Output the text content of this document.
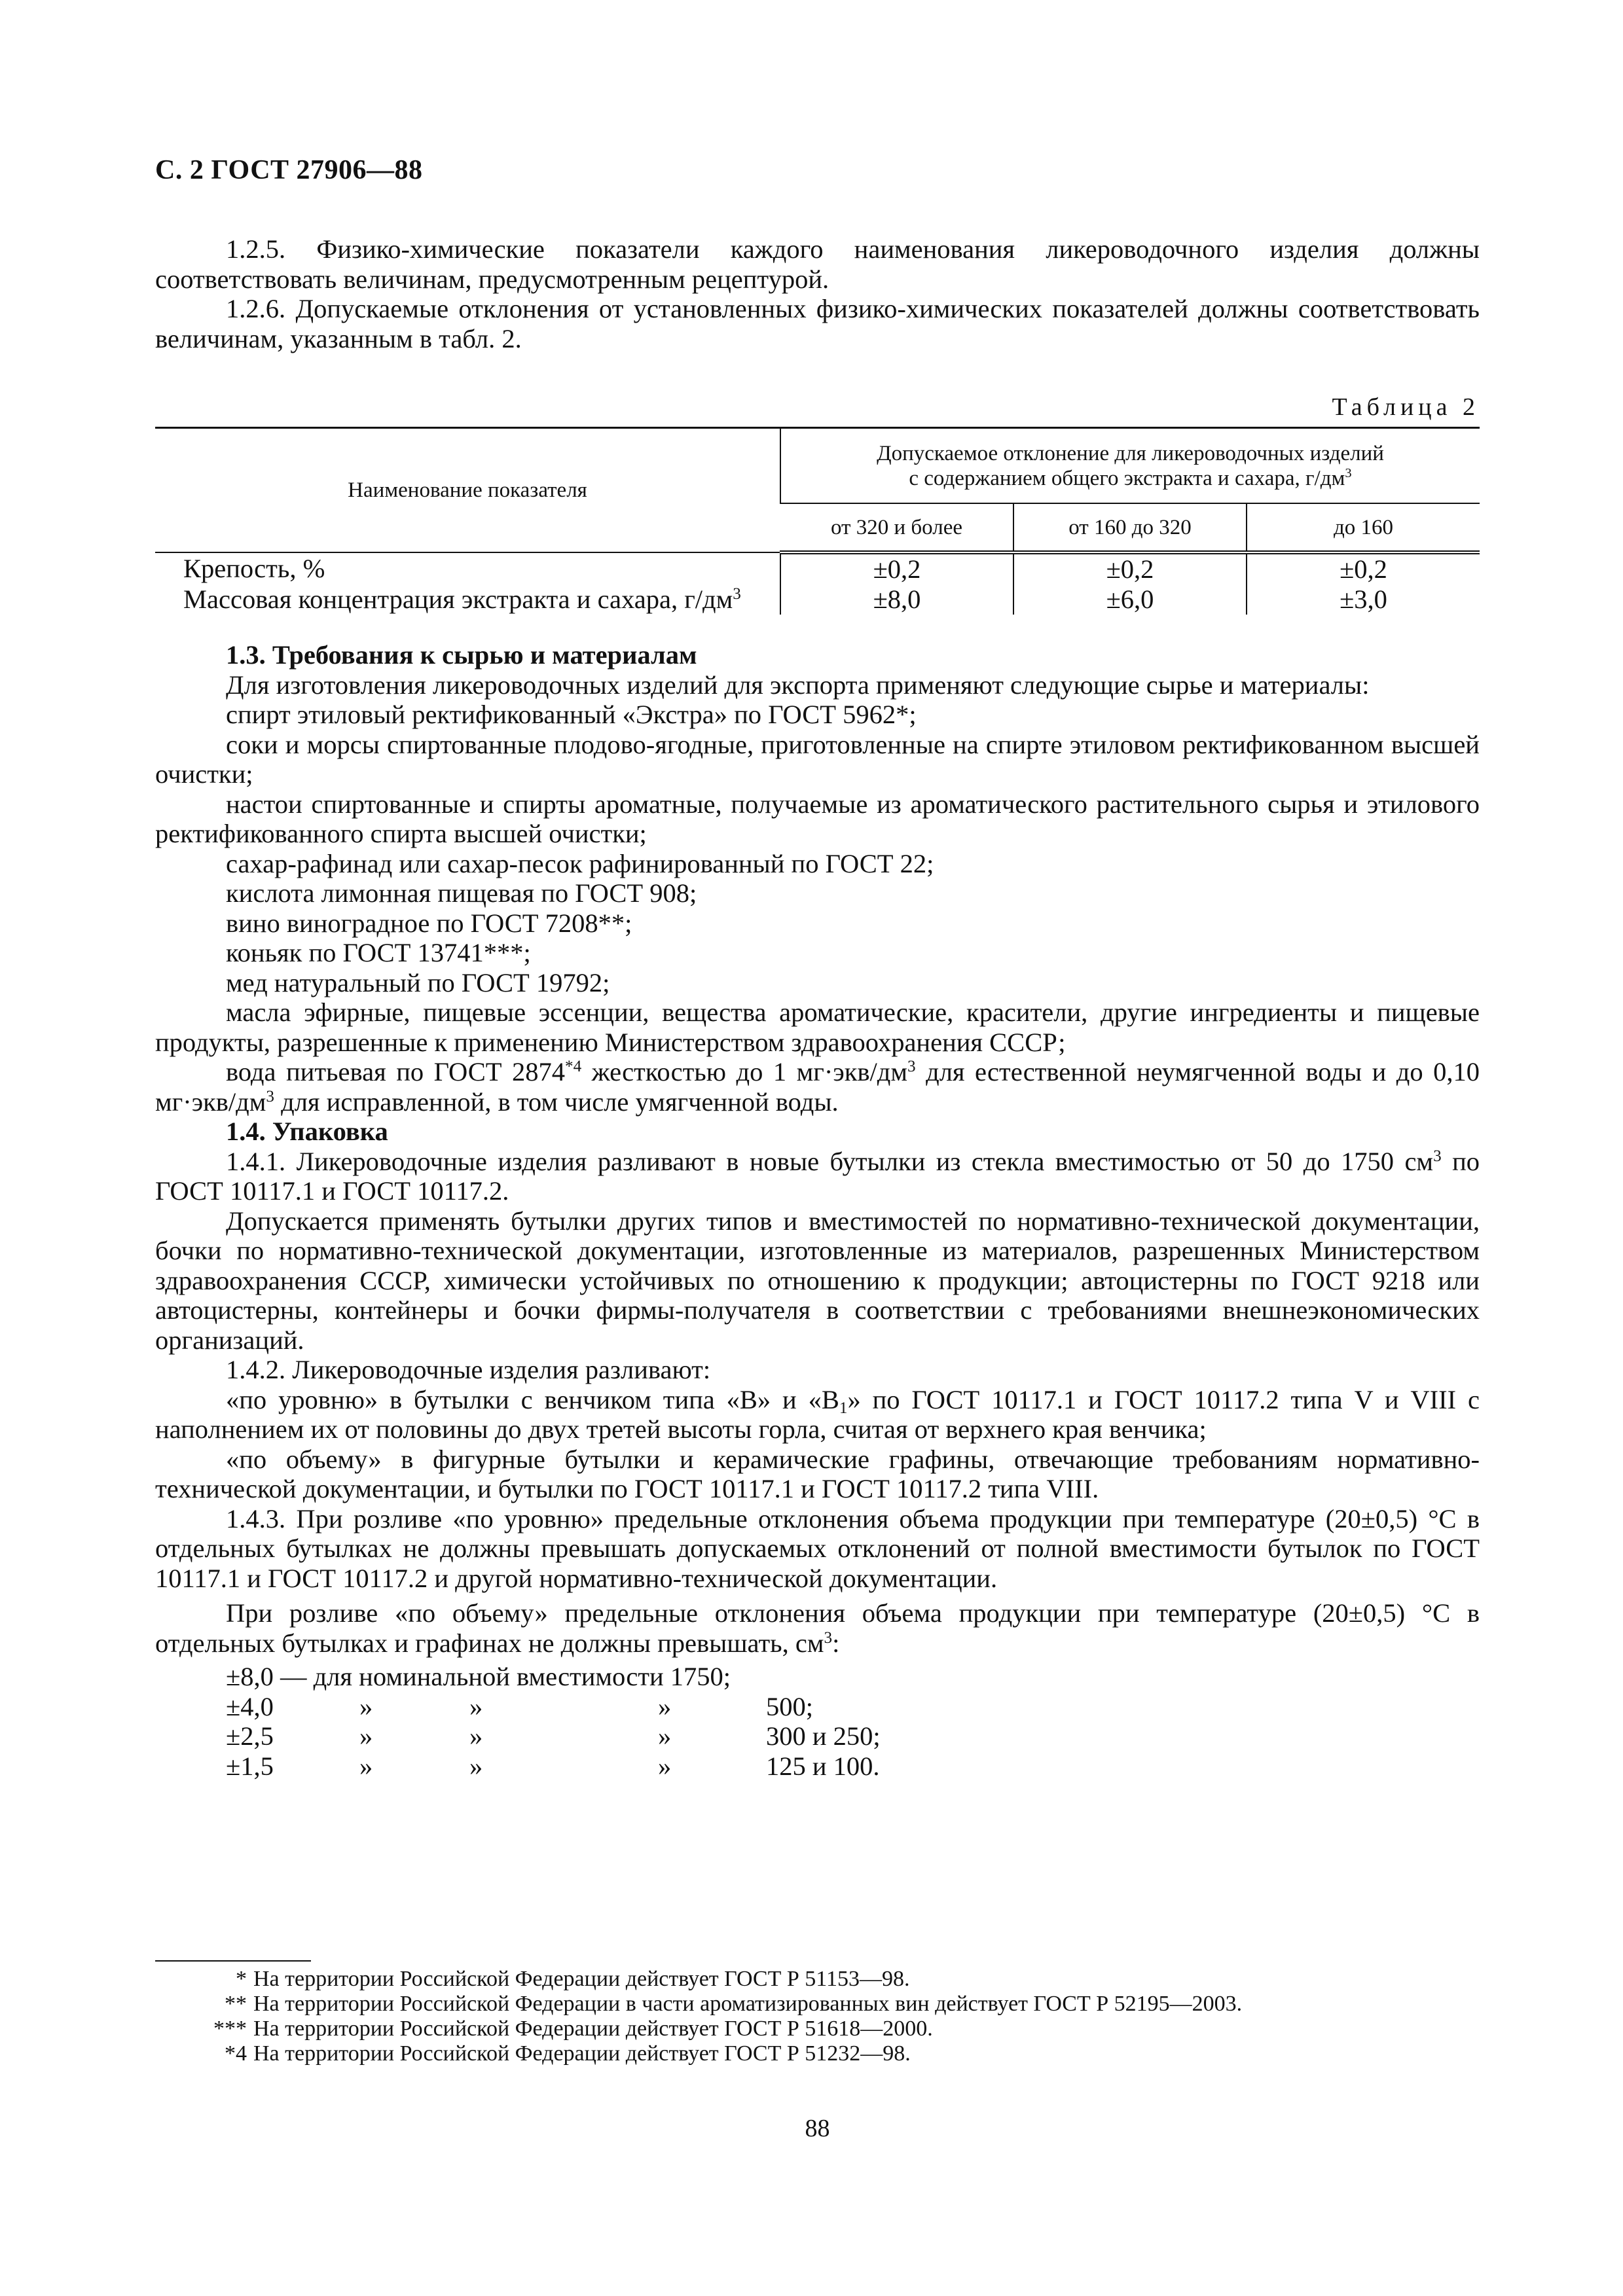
С. 2 ГОСТ 27906—88

1.2.5. Физико-химические показатели каждого наименования ликероводочного изделия должны соответствовать величинам, предусмотренным рецептурой.

1.2.6. Допускаемые отклонения от установленных физико-химических показателей должны соответствовать величинам, указанным в табл. 2.

Таблица 2
Наименование показателя	Допускаемое отклонение для ликероводочных изделий
с содержанием общего экстракта и сахара, $г/дм^3$
	от 320 и более	от 160 до 320	до 160
Крепость, %	±0,2	±0,2	±0,2
Массовая концентрация экстракта и сахара, $г/дм^3$	±8,0	±6,0	±3,0

1.3. Требования к сырью и материалам

Для изготовления ликероводочных изделий для экспорта применяют следующие сырье и материалы:

спирт этиловый ректификованный «Экстра» по ГОСТ 5962*;

соки и морсы спиртованные плодово-ягодные, приготовленные на спирте этиловом ректификованном высшей очистки;

настои спиртованные и спирты ароматные, получаемые из ароматического растительного сырья и этилового ректификованного спирта высшей очистки;

сахар-рафинад или сахар-песок рафинированный по ГОСТ 22;

кислота лимонная пищевая по ГОСТ 908;

вино виноградное по ГОСТ 7208**;

коньяк по ГОСТ 13741***;

мед натуральный по ГОСТ 19792;

масла эфирные, пищевые эссенции, вещества ароматические, красители, другие ингредиенты и пищевые продукты, разрешенные к применению Министерством здравоохранения СССР;

вода питьевая по ГОСТ 2874$^{*4}$ жесткостью до 1 $мг\cdot экв/дм^3$ для естественной неумягченной воды и до 0,10 $мг\cdot экв/дм^3$ для исправленной, в том числе умягченной воды.

1.4. Упаковка

1.4.1. Ликероводочные изделия разливают в новые бутылки из стекла вместимостью от 50 до 1750 $см^3$ по ГОСТ 10117.1 и ГОСТ 10117.2.

Допускается применять бутылки других типов и вместимостей по нормативно-технической документации, бочки по нормативно-технической документации, изготовленные из материалов, разрешенных Министерством здравоохранения СССР, химически устойчивых по отношению к продукции; автоцистерны по ГОСТ 9218 или автоцистерны, контейнеры и бочки фирмы-получателя в соответствии с требованиями внешнеэкономических организаций.

1.4.2. Ликероводочные изделия разливают:

«по уровню» в бутылки с венчиком типа «В» и «$В_1$» по ГОСТ 10117.1 и ГОСТ 10117.2 типа V и VIII с наполнением их от половины до двух третей высоты горла, считая от верхнего края венчика;

«по объему» в фигурные бутылки и керамические графины, отвечающие требованиям нормативно-технической документации, и бутылки по ГОСТ 10117.1 и ГОСТ 10117.2 типа VIII.

1.4.3. При розливе «по уровню» предельные отклонения объема продукции при температуре (20±0,5) °С в отдельных бутылках не должны превышать допускаемых отклонений от полной вместимости бутылок по ГОСТ 10117.1 и ГОСТ 10117.2 и другой нормативно-технической документации.

При розливе «по объему» предельные отклонения объема продукции при температуре (20±0,5) °С в отдельных бутылках и графинах не должны превышать, $см^3$:

±8,0 — для номинальной вместимости 1750;

±4,0	»	»	»	500;
±2,5	»	»	»	300 и 250;
±1,5	»	»	»	125 и 100.
* На территории Российской Федерации действует ГОСТ Р 51153—98.
** На территории Российской Федерации в части ароматизированных вин действует ГОСТ Р 52195—2003.
*** На территории Российской Федерации действует ГОСТ Р 51618—2000.
*4 На территории Российской Федерации действует ГОСТ Р 51232—98.
88
